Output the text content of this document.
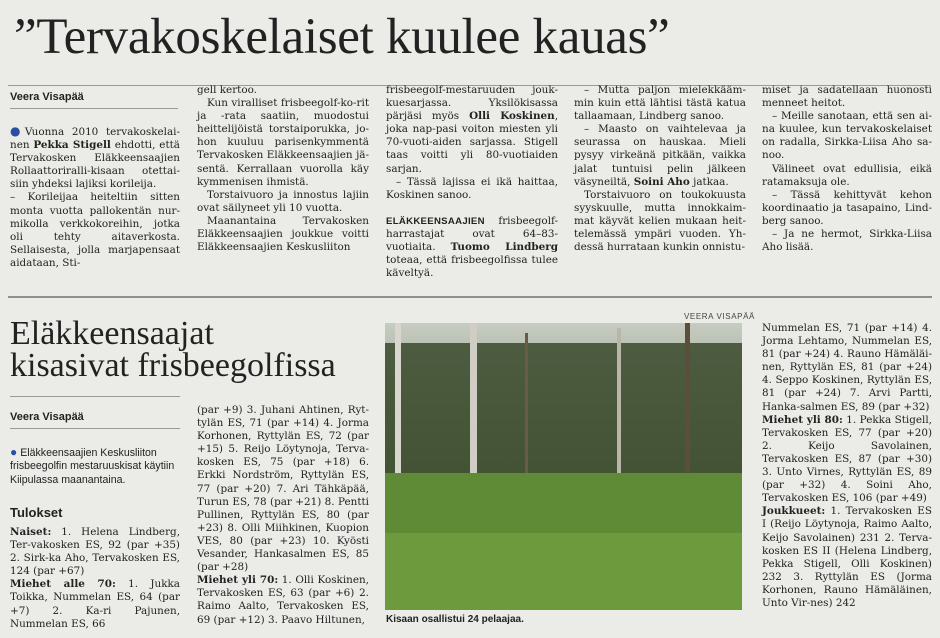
”Tervakoskelaiset kuulee kauas”
Veera Visapää

●Vuonna 2010 tervakoskelai-nen Pekka Stigell ehdotti, että Tervakosken Eläkkeensaajien Rollaattoriralli-kisaan otettai-siin yhdeksi lajiksi korileija.

– Korileijaa heiteltiin sitten monta vuotta pallokentän nur-mikolla verkkokoreihin, jotka oli tehty aitaverkosta. Sellaisesta, jolla marjapensaat aidataan, Sti-

gell kertoo.

Kun viralliset frisbeegolf-ko-rit ja -rata saatiin, muodostui heittelijöistä torstaiporukka, jo-hon kuuluu parisenkymmentä Tervakosken Eläkkeensaajien jä-sentä. Kerrallaan vuorolla käy kymmenisen ihmistä.

Torstaivuoro ja innostus lajiin ovat säilyneet yli 10 vuotta.

Maanantaina Tervakosken Eläkkeensaajien joukkue voitti Eläkkeensaajien Keskusliiton

frisbeegolf-mestaruuden jouk-kuesarjassa. Yksilökisassa pärjäsi myös Olli Koskinen, joka nap-pasi voiton miesten yli 70-vuoti-aiden sarjassa. Stigell taas voitti yli 80-vuotiaiden sarjan.

– Tässä lajissa ei ikä haittaa, Koskinen sanoo.

ELÄKKEENSAAJIEN frisbeegolf-harrastajat ovat 64–83-vuotiaita. Tuomo Lindberg toteaa, että frisbeegolfissa tulee käveltyä.

– Mutta paljon mielekkääm-min kuin että lähtisi tästä katua tallaamaan, Lindberg sanoo.

– Maasto on vaihtelevaa ja seurassa on hauskaa. Mieli pysyy virkeänä pitkään, vaikka jalat tuntuisi pelin jälkeen väsyneiltä, Soini Aho jatkaa.

Torstaivuoro on toukokuusta syyskuulle, mutta innokkaim-mat käyvät kelien mukaan heit-telemässä ympäri vuoden. Yh-dessä hurrataan kunkin onnistu-

miset ja sadatellaan huonosti menneet heitot.

– Meille sanotaan, että sen ai-na kuulee, kun tervakoskelaiset on radalla, Sirkka-Liisa Aho sa-noo.

Välineet ovat edullisia, eikä ratamaksuja ole.

– Tässä kehittyvät kehon koordinaatio ja tasapaino, Lind-berg sanoo.

– Ja ne hermot, Sirkka-Liisa Aho lisää.

Eläkkeensaajat
kisasivat frisbeegolfissa
Veera Visapää
● Eläkkeensaajien Keskusliiton frisbeegolfin mestaruuskisat käytiin Kiipulassa maanantaina.
Tulokset

Naiset: 1. Helena Lindberg, Ter-vakosken ES, 92 (par +35) 2. Sirk-ka Aho, Tervakosken ES, 124 (par +67)

Miehet alle 70: 1. Jukka Toikka, Nummelan ES, 64 (par +7) 2. Ka-ri Pajunen, Nummelan ES, 66

(par +9) 3. Juhani Ahtinen, Ryt-tylän ES, 71 (par +14) 4. Jorma Korhonen, Ryttylän ES, 72 (par +15) 5. Reijo Löytynoja, Terva-kosken ES, 75 (par +18) 6. Erkki Nordström, Ryttylän ES, 77 (par +20) 7. Ari Tähkäpää, Turun ES, 78 (par +21) 8. Pentti Pullinen, Ryttylän ES, 80 (par +23) 8. Olli Miihkinen, Kuopion VES, 80 (par +23) 10. Kyösti Vesander, Hankasalmen ES, 85 (par +28)

Miehet yli 70: 1. Olli Koskinen, Tervakosken ES, 63 (par +6) 2. Raimo Aalto, Tervakosken ES, 69 (par +12) 3. Paavo Hiltunen,

VEERA VISAPÄÄ
Kisaan osallistui 24 pelaajaa.

Nummelan ES, 71 (par +14) 4. Jorma Lehtamo, Nummelan ES, 81 (par +24) 4. Rauno Hämäläi-nen, Ryttylän ES, 81 (par +24) 4. Seppo Koskinen, Ryttylän ES, 81 (par +24) 7. Arvi Partti, Hanka-salmen ES, 89 (par +32)

Miehet yli 80: 1. Pekka Stigell, Tervakosken ES, 77 (par +20) 2. Keijo Savolainen, Tervakosken ES, 87 (par +30) 3. Unto Virnes, Ryttylän ES, 89 (par +32) 4. Soini Aho, Tervakosken ES, 106 (par +49)

Joukkueet: 1. Tervakosken ES I (Reijo Löytynoja, Raimo Aalto, Keijo Savolainen) 231 2. Terva-kosken ES II (Helena Lindberg, Pekka Stigell, Olli Koskinen) 232 3. Ryttylän ES (Jorma Korhonen, Rauno Hämäläinen, Unto Vir-nes) 242
